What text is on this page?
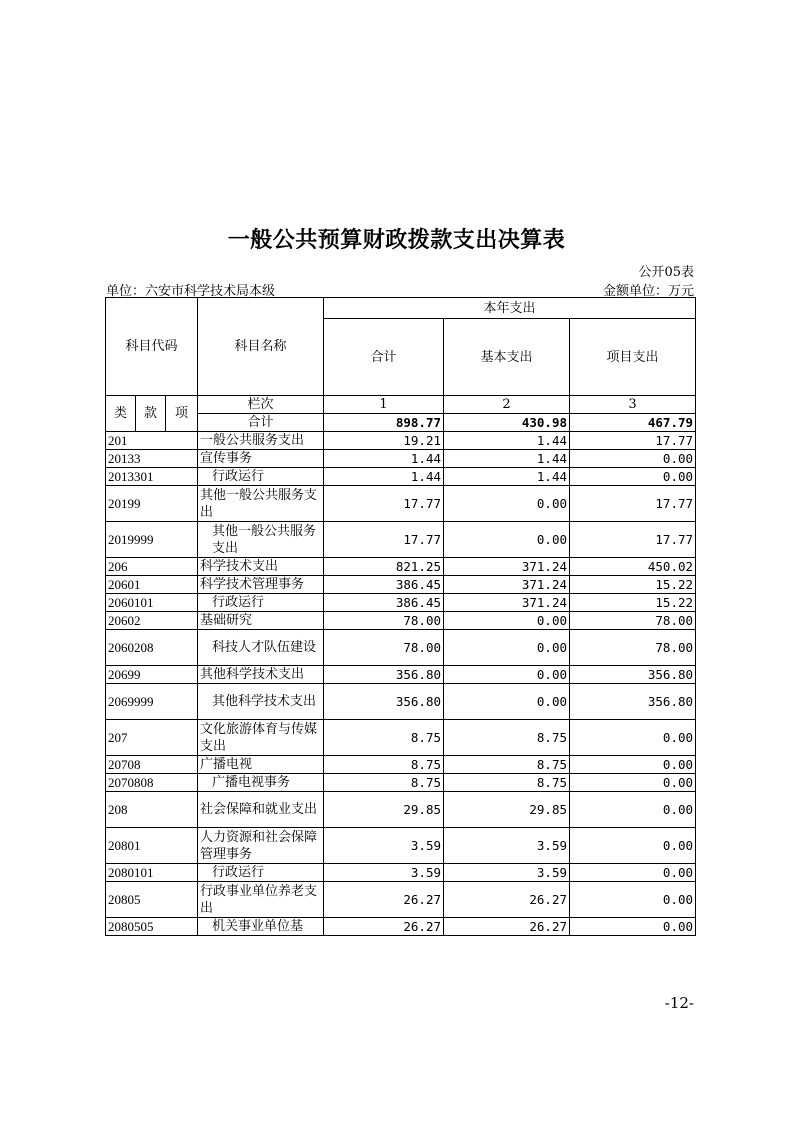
一般公共预算财政拨款支出决算表
公开05表
单位：六安市科学技术局本级	金额单位：万元
科目代码			科目名称	本年支出		
				合计	基本支出	项目支出
类	款	项	栏次	1	2	3
			合计	898.77	430.98	467.79
201			一般公共服务支出	19.21	1.44	17.77
20133			宣传事务	1.44	1.44	0.00
2013301			行政运行	1.44	1.44	0.00
20199			其他一般公共服务支出	17.77	0.00	17.77
2019999			其他一般公共服务支出	17.77	0.00	17.77
206			科学技术支出	821.25	371.24	450.02
20601			科学技术管理事务	386.45	371.24	15.22
2060101			行政运行	386.45	371.24	15.22
20602			基础研究	78.00	0.00	78.00
2060208			科技人才队伍建设	78.00	0.00	78.00
20699			其他科学技术支出	356.80	0.00	356.80
2069999			其他科学技术支出	356.80	0.00	356.80
207			文化旅游体育与传媒支出	8.75	8.75	0.00
20708			广播电视	8.75	8.75	0.00
2070808			广播电视事务	8.75	8.75	0.00
208			社会保障和就业支出	29.85	29.85	0.00
20801			人力资源和社会保障管理事务	3.59	3.59	0.00
2080101			行政运行	3.59	3.59	0.00
20805			行政事业单位养老支出	26.27	26.27	0.00
2080505			机关事业单位基	26.27	26.27	0.00
-12-
